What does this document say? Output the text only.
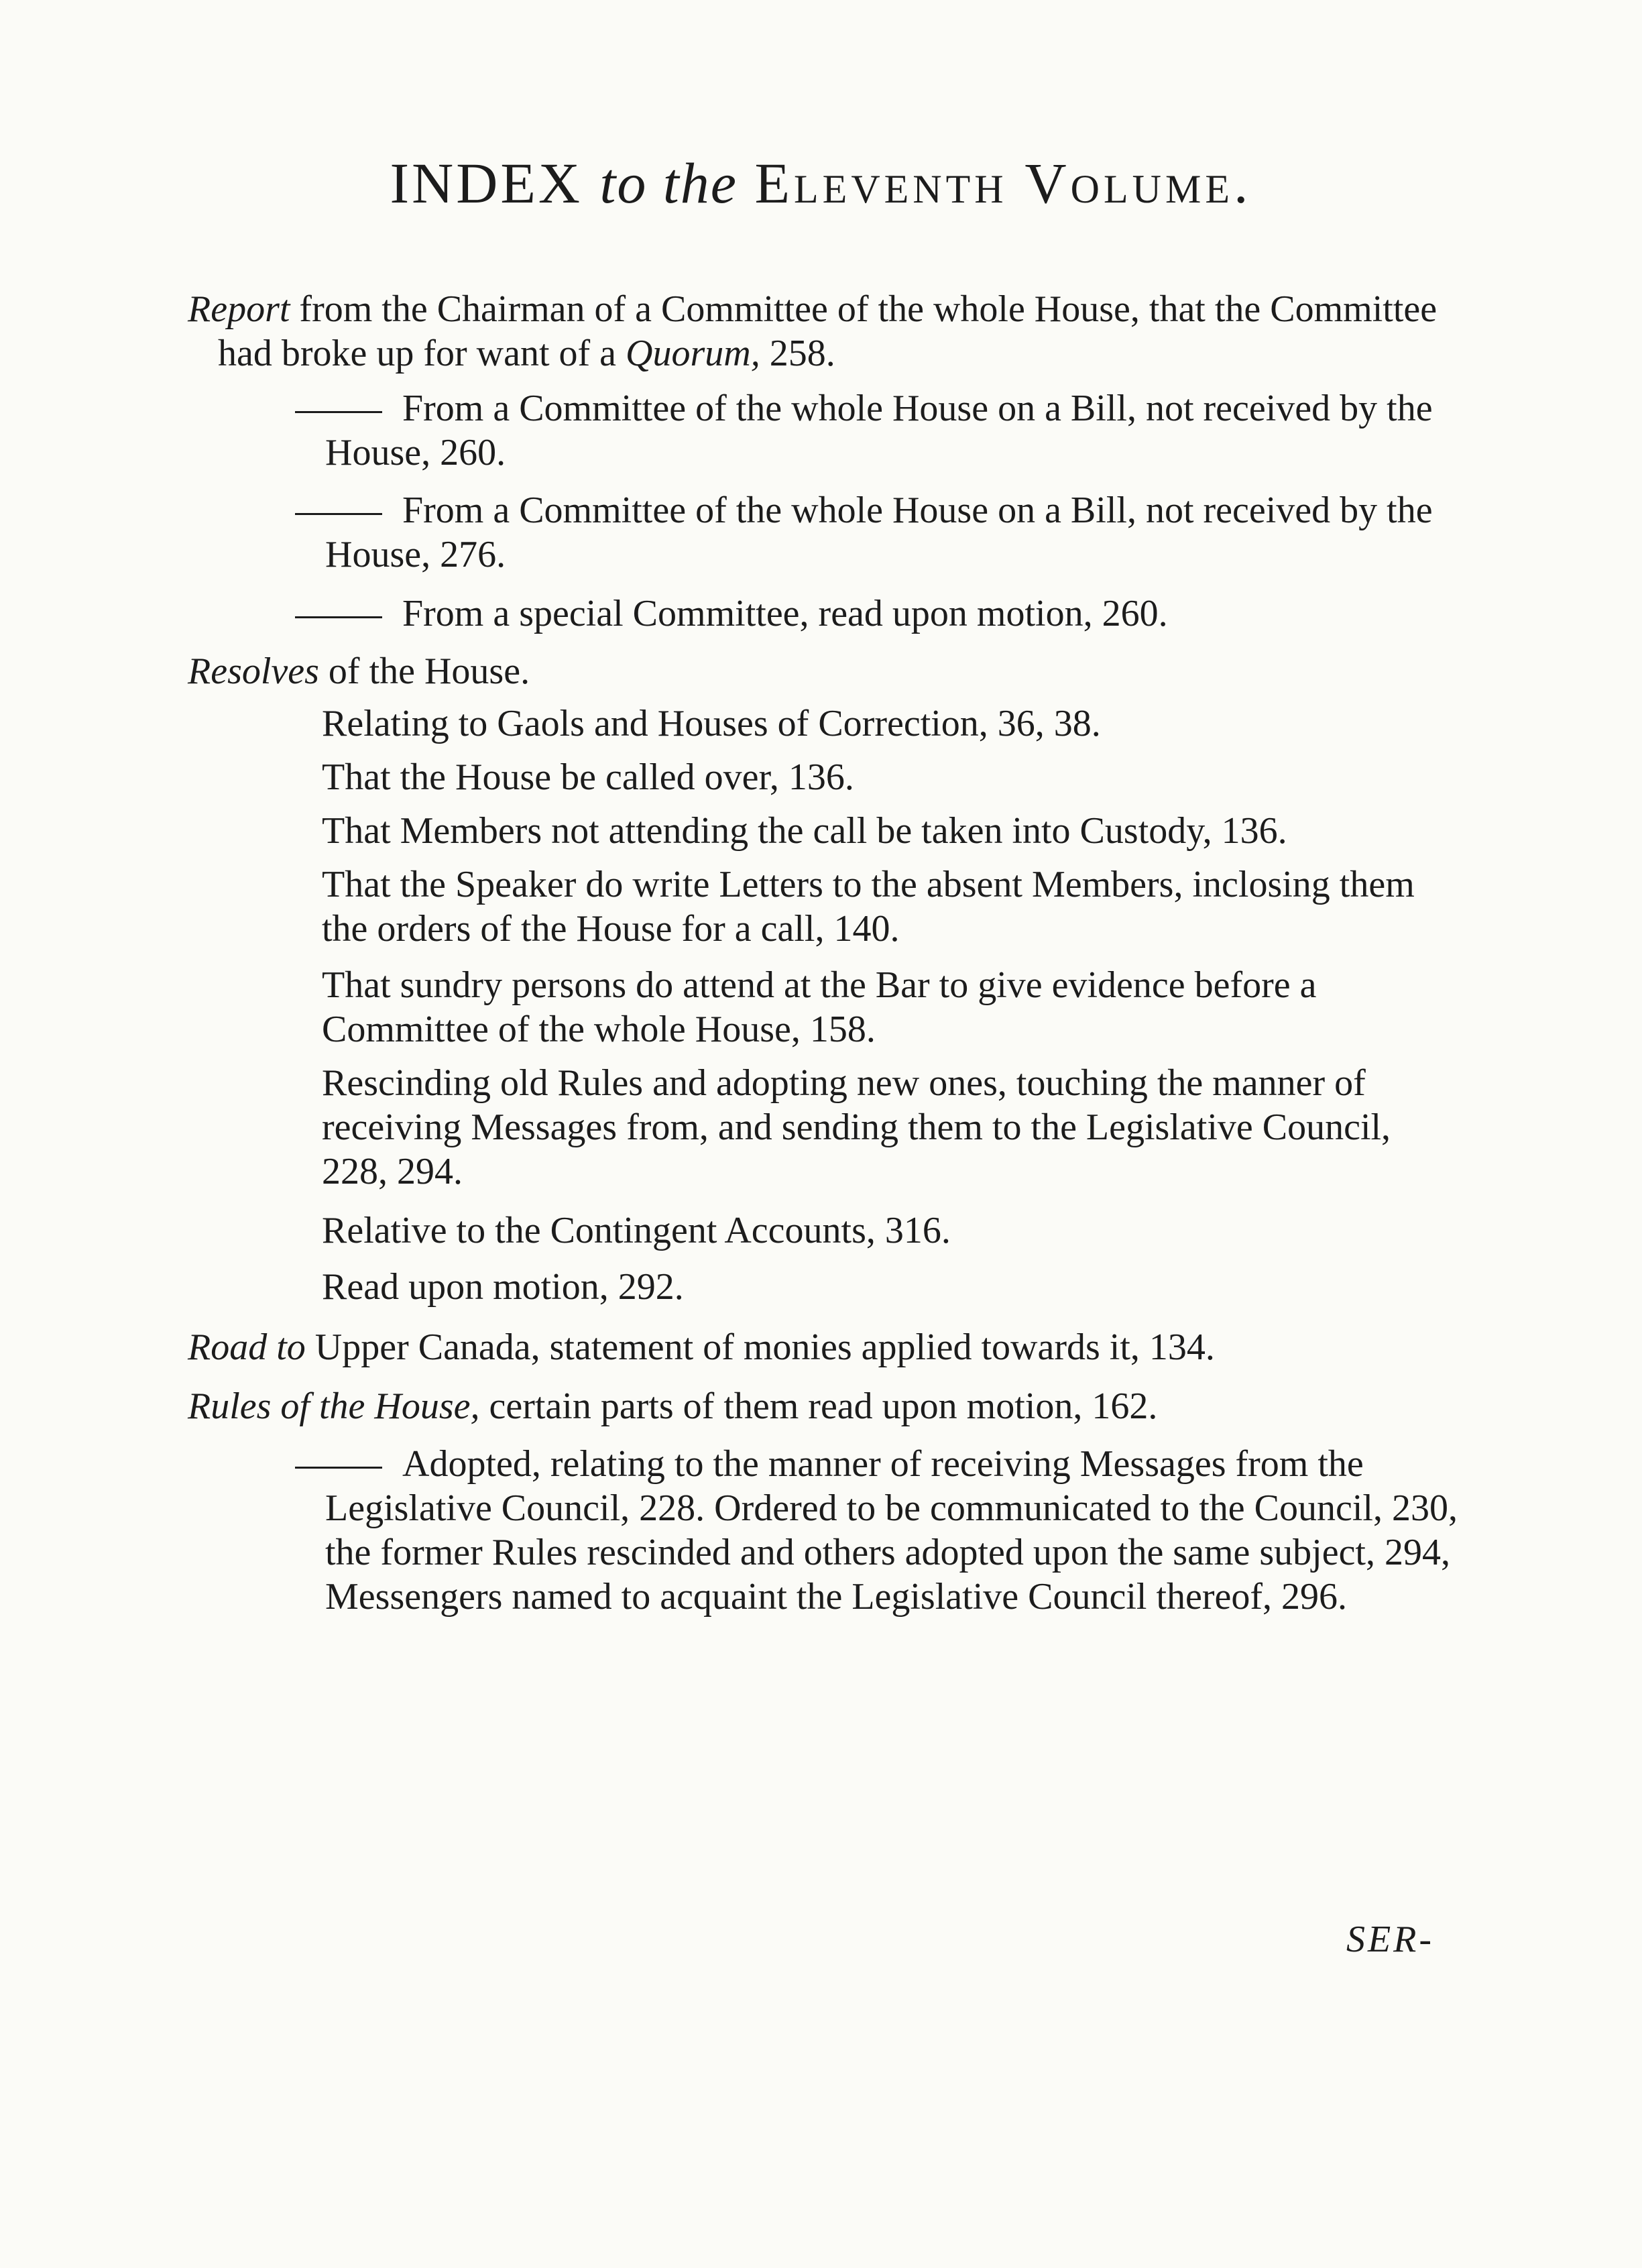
INDEX to the Eleventh Volume.
Report from the Chairman of a Committee of the whole House, that the Committee had broke up for want of a Quorum, 258.
From a Committee of the whole House on a Bill, not received by the House, 260.
From a Committee of the whole House on a Bill, not received by the House, 276.
From a special Committee, read upon motion, 260.
Resolves of the House.
Relating to Gaols and Houses of Correction, 36, 38.
That the House be called over, 136.
That Members not attending the call be taken into Custody, 136.
That the Speaker do write Letters to the absent Members, inclosing them the orders of the House for a call, 140.
That sundry persons do attend at the Bar to give evidence before a Committee of the whole House, 158.
Rescinding old Rules and adopting new ones, touching the manner of receiving Messages from, and sending them to the Legislative Council, 228, 294.
Relative to the Contingent Accounts, 316.
Read upon motion, 292.
Road to Upper Canada, statement of monies applied towards it, 134.
Rules of the House, certain parts of them read upon motion, 162.
Adopted, relating to the manner of receiving Messages from the Legislative Council, 228. Ordered to be communicated to the Council, 230, the former Rules rescinded and others adopted upon the same subject, 294, Messengers named to acquaint the Legislative Council thereof, 296.
SER-
